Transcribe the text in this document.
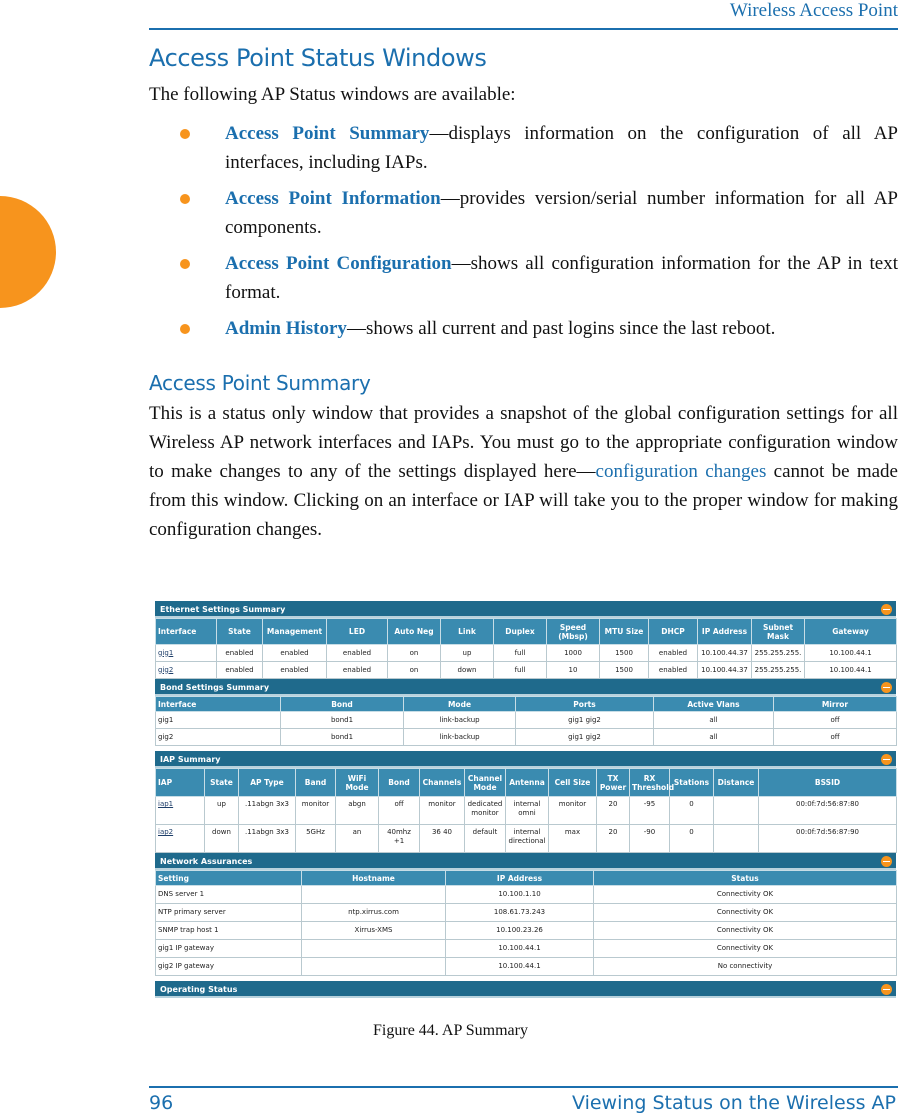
Wireless Access Point
Access Point Status Windows

The following AP Status windows are available:

Access Point Summary—displays information on the configuration of all AP interfaces, including IAPs.
Access Point Information—provides version/serial number information for all AP components.
Access Point Configuration—shows all configuration information for the AP in text format.
Admin History—shows all current and past logins since the last reboot.
Access Point Summary

This is a status only window that provides a snapshot of the global configuration settings for all Wireless AP network interfaces and IAPs. You must go to the appropriate configuration window to make changes to any of the settings displayed here—configuration changes cannot be made from this window. Clicking on an interface or IAP will take you to the proper window for making configuration changes.

Ethernet Settings Summary
Interface	State	Management	LED	Auto Neg	Link	Duplex	Speed (Mbsp)	MTU Size	DHCP	IP Address	Subnet Mask	Gateway
gig1	enabled	enabled	enabled	on	up	full	1000	1500	enabled	10.100.44.37	255.255.255.	10.100.44.1
gig2	enabled	enabled	enabled	on	down	full	10	1500	enabled	10.100.44.37	255.255.255.	10.100.44.1
Bond Settings Summary
Interface	Bond	Mode	Ports	Active Vlans	Mirror
gig1	bond1	link-backup	gig1 gig2	all	off
gig2	bond1	link-backup	gig1 gig2	all	off
IAP Summary
IAP	State	AP Type	Band	WiFi Mode	Bond	Channels	Channel Mode	Antenna	Cell Size	TX Power	RX Threshold	Stations	Distance	BSSID
iap1	up	.11abgn 3x3	monitor	abgn	off	monitor	dedicated monitor	internal omni	monitor	20	-95	0		00:0f:7d:56:87:80
iap2	down	.11abgn 3x3	5GHz	an	40mhz +1	36 40	default	internal directional	max	20	-90	0		00:0f:7d:56:87:90
Network Assurances
Setting	Hostname	IP Address	Status
DNS server 1		10.100.1.10	Connectivity OK
NTP primary server	ntp.xirrus.com	108.61.73.243	Connectivity OK
SNMP trap host 1	Xirrus-XMS	10.100.23.26	Connectivity OK
gig1 IP gateway		10.100.44.1	Connectivity OK
gig2 IP gateway		10.100.44.1	No connectivity
Operating Status
Figure 44. AP Summary
96	Viewing Status on the Wireless AP
